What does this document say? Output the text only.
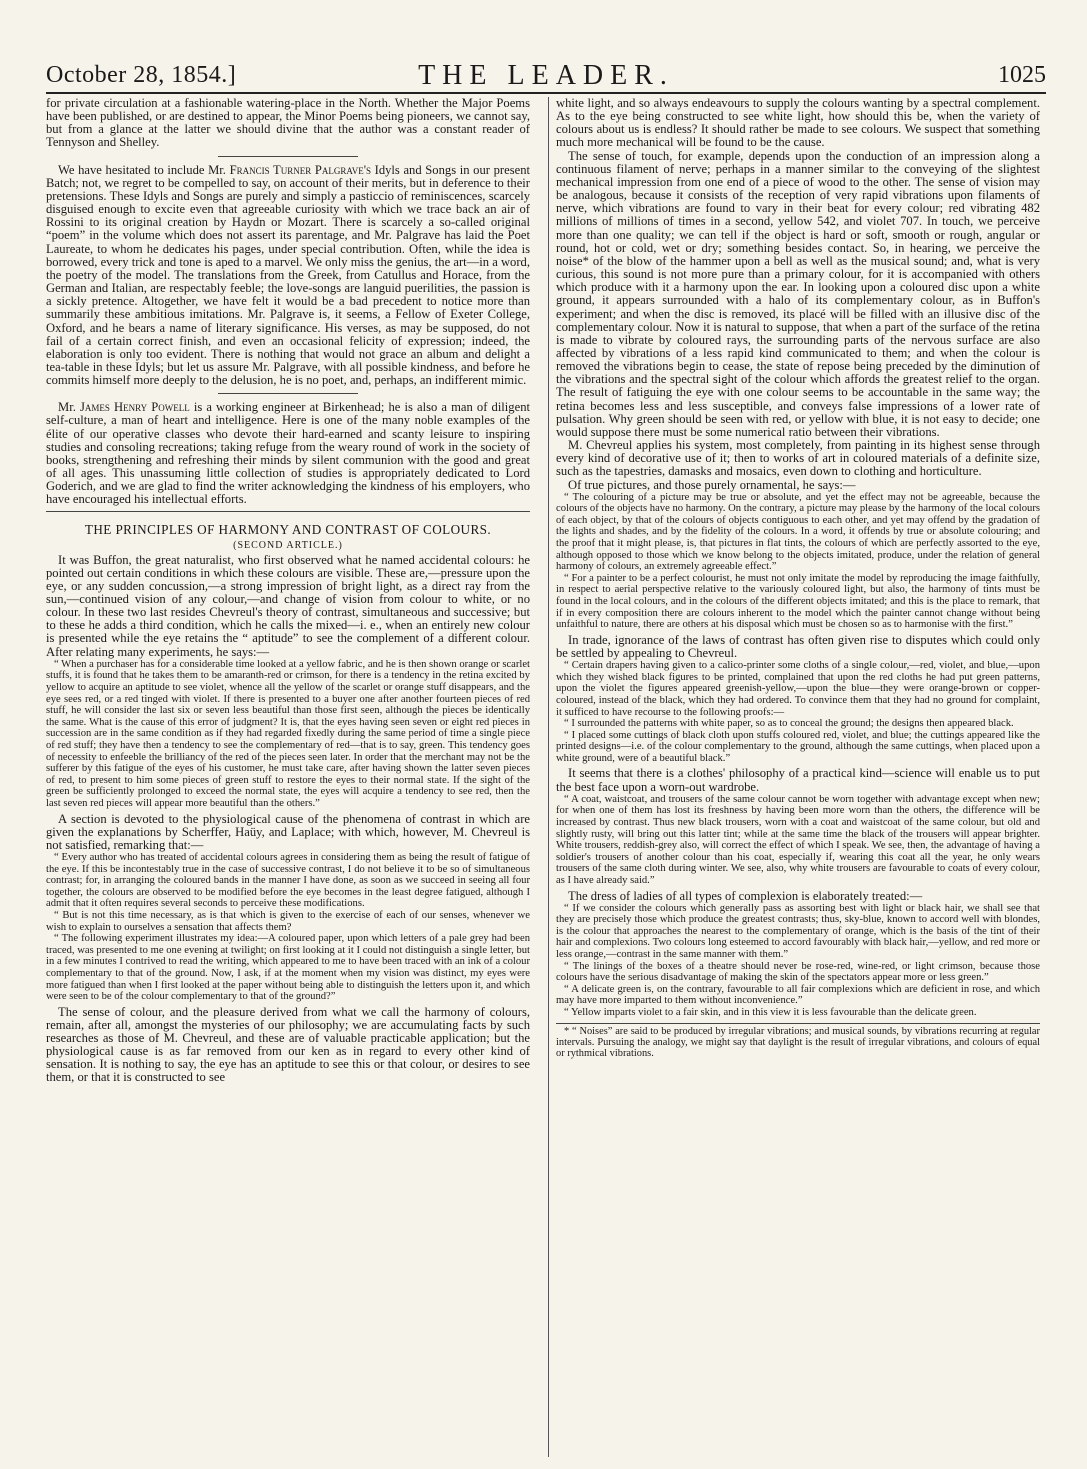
October 28, 1854.]	THE LEADER.	1025

for private circulation at a fashionable watering-place in the North. Whether the Major Poems have been published, or are destined to appear, the Minor Poems being pioneers, we cannot say, but from a glance at the latter we should divine that the author was a constant reader of Tennyson and Shelley.

We have hesitated to include Mr. Francis Turner Palgrave's Idyls and Songs in our present Batch; not, we regret to be compelled to say, on account of their merits, but in deference to their pretensions. These Idyls and Songs are purely and simply a pasticcio of reminiscences, scarcely disguised enough to excite even that agreeable curiosity with which we trace back an air of Rossini to its original creation by Haydn or Mozart. There is scarcely a so-called original “poem” in the volume which does not assert its parentage, and Mr. Palgrave has laid the Poet Laureate, to whom he dedicates his pages, under special contribution. Often, while the idea is borrowed, every trick and tone is aped to a marvel. We only miss the genius, the art—in a word, the poetry of the model. The translations from the Greek, from Catullus and Horace, from the German and Italian, are respectably feeble; the love-songs are languid puerilities, the passion is a sickly pretence. Altogether, we have felt it would be a bad precedent to notice more than summarily these ambitious imitations. Mr. Palgrave is, it seems, a Fellow of Exeter College, Oxford, and he bears a name of literary significance. His verses, as may be supposed, do not fail of a certain correct finish, and even an occasional felicity of expression; indeed, the elaboration is only too evident. There is nothing that would not grace an album and delight a tea-table in these Idyls; but let us assure Mr. Palgrave, with all possible kindness, and before he commits himself more deeply to the delusion, he is no poet, and, perhaps, an indifferent mimic.

Mr. James Henry Powell is a working engineer at Birkenhead; he is also a man of diligent self-culture, a man of heart and intelligence. Here is one of the many noble examples of the élite of our operative classes who devote their hard-earned and scanty leisure to inspiring studies and consoling recreations; taking refuge from the weary round of work in the society of books, strengthening and refreshing their minds by silent communion with the good and great of all ages. This unassuming little collection of studies is appropriately dedicated to Lord Goderich, and we are glad to find the writer acknowledging the kindness of his employers, who have encouraged his intellectual efforts.

THE PRINCIPLES OF HARMONY AND CONTRAST OF COLOURS.
(SECOND ARTICLE.)

It was Buffon, the great naturalist, who first observed what he named accidental colours: he pointed out certain conditions in which these colours are visible. These are,—pressure upon the eye, or any sudden concussion,—a strong impression of bright light, as a direct ray from the sun,—continued vision of any colour,—and change of vision from colour to white, or no colour. In these two last resides Chevreul's theory of contrast, simultaneous and successive; but to these he adds a third condition, which he calls the mixed—i. e., when an entirely new colour is presented while the eye retains the “ aptitude” to see the complement of a different colour. After relating many experiments, he says:—

“ When a purchaser has for a considerable time looked at a yellow fabric, and he is then shown orange or scarlet stuffs, it is found that he takes them to be amaranth-red or crimson, for there is a tendency in the retina excited by yellow to acquire an aptitude to see violet, whence all the yellow of the scarlet or orange stuff disappears, and the eye sees red, or a red tinged with violet. If there is presented to a buyer one after another fourteen pieces of red stuff, he will consider the last six or seven less beautiful than those first seen, although the pieces be identically the same. What is the cause of this error of judgment? It is, that the eyes having seen seven or eight red pieces in succession are in the same condition as if they had regarded fixedly during the same period of time a single piece of red stuff; they have then a tendency to see the complementary of red—that is to say, green. This tendency goes of necessity to enfeeble the brilliancy of the red of the pieces seen later. In order that the merchant may not be the sufferer by this fatigue of the eyes of his customer, he must take care, after having shown the latter seven pieces of red, to present to him some pieces of green stuff to restore the eyes to their normal state. If the sight of the green be sufficiently prolonged to exceed the normal state, the eyes will acquire a tendency to see red, then the last seven red pieces will appear more beautiful than the others.”

A section is devoted to the physiological cause of the phenomena of contrast in which are given the explanations by Scherffer, Haüy, and Laplace; with which, however, M. Chevreul is not satisfied, remarking that:—

“ Every author who has treated of accidental colours agrees in considering them as being the result of fatigue of the eye. If this be incontestably true in the case of successive contrast, I do not believe it to be so of simultaneous contrast; for, in arranging the coloured bands in the manner I have done, as soon as we succeed in seeing all four together, the colours are observed to be modified before the eye becomes in the least degree fatigued, although I admit that it often requires several seconds to perceive these modifications.

“ But is not this time necessary, as is that which is given to the exercise of each of our senses, whenever we wish to explain to ourselves a sensation that affects them?

“ The following experiment illustrates my idea:—A coloured paper, upon which letters of a pale grey had been traced, was presented to me one evening at twilight; on first looking at it I could not distinguish a single letter, but in a few minutes I contrived to read the writing, which appeared to me to have been traced with an ink of a colour complementary to that of the ground. Now, I ask, if at the moment when my vision was distinct, my eyes were more fatigued than when I first looked at the paper without being able to distinguish the letters upon it, and which were seen to be of the colour complementary to that of the ground?”

The sense of colour, and the pleasure derived from what we call the harmony of colours, remain, after all, amongst the mysteries of our philosophy; we are accumulating facts by such researches as those of M. Chevreul, and these are of valuable practicable application; but the physiological cause is as far removed from our ken as in regard to every other kind of sensation. It is nothing to say, the eye has an aptitude to see this or that colour, or desires to see them, or that it is constructed to see

white light, and so always endeavours to supply the colours wanting by a spectral complement. As to the eye being constructed to see white light, how should this be, when the variety of colours about us is endless? It should rather be made to see colours. We suspect that something much more mechanical will be found to be the cause.

The sense of touch, for example, depends upon the conduction of an impression along a continuous filament of nerve; perhaps in a manner similar to the conveying of the slightest mechanical impression from one end of a piece of wood to the other. The sense of vision may be analogous, because it consists of the reception of very rapid vibrations upon filaments of nerve, which vibrations are found to vary in their beat for every colour; red vibrating 482 millions of millions of times in a second, yellow 542, and violet 707. In touch, we perceive more than one quality; we can tell if the object is hard or soft, smooth or rough, angular or round, hot or cold, wet or dry; something besides contact. So, in hearing, we perceive the noise* of the blow of the hammer upon a bell as well as the musical sound; and, what is very curious, this sound is not more pure than a primary colour, for it is accompanied with others which produce with it a harmony upon the ear. In looking upon a coloured disc upon a white ground, it appears surrounded with a halo of its complementary colour, as in Buffon's experiment; and when the disc is removed, its placé will be filled with an illusive disc of the complementary colour. Now it is natural to suppose, that when a part of the surface of the retina is made to vibrate by coloured rays, the surrounding parts of the nervous surface are also affected by vibrations of a less rapid kind communicated to them; and when the colour is removed the vibrations begin to cease, the state of repose being preceded by the diminution of the vibrations and the spectral sight of the colour which affords the greatest relief to the organ. The result of fatiguing the eye with one colour seems to be accountable in the same way; the retina becomes less and less susceptible, and conveys false impressions of a lower rate of pulsation. Why green should be seen with red, or yellow with blue, it is not easy to decide; one would suppose there must be some numerical ratio between their vibrations.

M. Chevreul applies his system, most completely, from painting in its highest sense through every kind of decorative use of it; then to works of art in coloured materials of a definite size, such as the tapestries, damasks and mosaics, even down to clothing and horticulture.

Of true pictures, and those purely ornamental, he says:—

“ The colouring of a picture may be true or absolute, and yet the effect may not be agreeable, because the colours of the objects have no harmony. On the contrary, a picture may please by the harmony of the local colours of each object, by that of the colours of objects contiguous to each other, and yet may offend by the gradation of the lights and shades, and by the fidelity of the colours. In a word, it offends by true or absolute colouring; and the proof that it might please, is, that pictures in flat tints, the colours of which are perfectly assorted to the eye, although opposed to those which we know belong to the objects imitated, produce, under the relation of general harmony of colours, an extremely agreeable effect.”

“ For a painter to be a perfect colourist, he must not only imitate the model by reproducing the image faithfully, in respect to aerial perspective relative to the variously coloured light, but also, the harmony of tints must be found in the local colours, and in the colours of the different objects imitated; and this is the place to remark, that if in every composition there are colours inherent to the model which the painter cannot change without being unfaithful to nature, there are others at his disposal which must be chosen so as to harmonise with the first.”

In trade, ignorance of the laws of contrast has often given rise to disputes which could only be settled by appealing to Chevreul.

“ Certain drapers having given to a calico-printer some cloths of a single colour,—red, violet, and blue,—upon which they wished black figures to be printed, complained that upon the red cloths he had put green patterns, upon the violet the figures appeared greenish-yellow,—upon the blue—they were orange-brown or copper-coloured, instead of the black, which they had ordered. To convince them that they had no ground for complaint, it sufficed to have recourse to the following proofs:—

“ I surrounded the patterns with white paper, so as to conceal the ground; the designs then appeared black.

“ I placed some cuttings of black cloth upon stuffs coloured red, violet, and blue; the cuttings appeared like the printed designs—i.e. of the colour complementary to the ground, although the same cuttings, when placed upon a white ground, were of a beautiful black.”

It seems that there is a clothes' philosophy of a practical kind—science will enable us to put the best face upon a worn-out wardrobe.

“ A coat, waistcoat, and trousers of the same colour cannot be worn together with advantage except when new; for when one of them has lost its freshness by having been more worn than the others, the difference will be increased by contrast. Thus new black trousers, worn with a coat and waistcoat of the same colour, but old and slightly rusty, will bring out this latter tint; while at the same time the black of the trousers will appear brighter. White trousers, reddish-grey also, will correct the effect of which I speak. We see, then, the advantage of having a soldier's trousers of another colour than his coat, especially if, wearing this coat all the year, he only wears trousers of the same cloth during winter. We see, also, why white trousers are favourable to coats of every colour, as I have already said.”

The dress of ladies of all types of complexion is elaborately treated:—

“ If we consider the colours which generally pass as assorting best with light or black hair, we shall see that they are precisely those which produce the greatest contrasts; thus, sky-blue, known to accord well with blondes, is the colour that approaches the nearest to the complementary of orange, which is the basis of the tint of their hair and complexions. Two colours long esteemed to accord favourably with black hair,—yellow, and red more or less orange,—contrast in the same manner with them.”

“ The linings of the boxes of a theatre should never be rose-red, wine-red, or light crimson, because those colours have the serious disadvantage of making the skin of the spectators appear more or less green.”

“ A delicate green is, on the contrary, favourable to all fair complexions which are deficient in rose, and which may have more imparted to them without inconvenience.”

“ Yellow imparts violet to a fair skin, and in this view it is less favourable than the delicate green.

* “ Noises” are said to be produced by irregular vibrations; and musical sounds, by vibrations recurring at regular intervals. Pursuing the analogy, we might say that daylight is the result of irregular vibrations, and colours of equal or rythmical vibrations.
